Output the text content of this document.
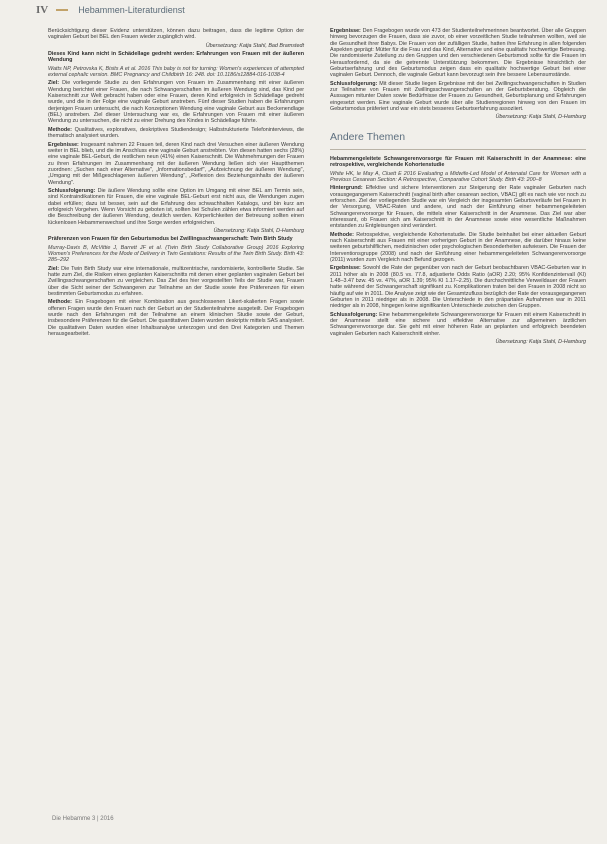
IV	Hebammen-Literaturdienst

Berücksichtigung dieser Evidenz unterstützen, können dazu beitragen, dass die legitime Option der vaginalen Geburt bei BEL den Frauen wieder zugänglich wird.

Übersetzung: Katja Stahl, Bad Bramstedt

Dieses Kind kann nicht in Schädellage gedreht werden: Erfahrungen von Frauen mit der äußeren Wendung

Watts NP, Petrovska K, Bisits A et al. 2016 This baby is not for turning: Women's experiences of attempted external cephalic version. BMC Pregnancy and Childbirth 16: 248. doi: 10.1186/s12884-016-1038-4

Ziel: Die vorliegende Studie zu den Erfahrungen von Frauen im Zusammenhang mit einer äußeren Wendung berichtet einer Frauen, die nach Schwangerschaften im äußeren Wendung sind, das Kind per Kaiserschnitt zur Welt gebracht haben oder eine Frauen, deren Kind erfolgreich in Schädellage gedreht wurde, und die in der Folge eine vaginale Geburt anstreben. Fünf dieser Studien haben die Erfahrungen derjenigen Frauen untersucht, die nach Konzeptionen Wendung eine vaginale Geburt aus Beckenendlage (BEL) anstreben. Ziel dieser Untersuchung war es, die Erfahrungen von Frauen mit einer äußeren Wendung zu untersuchen, die nicht zu einer Drehung des Kindes in Schädellage führte.

Methode: Qualitatives, exploratives, deskriptives Studiendesign; Halbstrukturierte Telefoninterviews, die thematisch analysiert wurden.

Ergebnisse: Insgesamt nahmen 22 Frauen teil, deren Kind nach drei Versuchen einer äußeren Wendung weiter in BEL blieb, und die im Anschluss eine vaginale Geburt anstrebten. Von diesen hatten sechs (28%) eine vaginale BEL-Geburt, die restlichen neun (41%) einen Kaiserschnitt. Die Wahrnehmungen der Frauen zu ihren Erfahrungen im Zusammenhang mit der äußeren Wendung ließen sich vier Hauptthemen zuordnen: „Suchen nach einer Alternative", „Informationsbedarf", „Aufzeichnung der äußeren Wendung", „Umgang mit der Mißgeschlagenen äußeren Wendung", „Reflexion des Beziehungsinhalts der äußeren Wendung".

Schlussfolgerung: Die äußere Wendung sollte eine Option im Umgang mit einer BEL am Termin sein, sind Kontraindikationen für Frauen, die eine vaginale BEL-Geburt erst nicht aus, die Wendungen zugen dabei erfüllen; dazu ist besser, sein auf die Erfahrung des schwachhalten Katalogs, und bin kurz am erfolgreich Vorgehen. Wenn Vorsicht zu geboten ist, sollten bei Schulen zählen etwa informiert werden auf die Beschreibung der äußeren Wendung, deutlich werden. Körperlichkeiten der Betreuung sollten einen lückenlosen Hebammenwechsel und ihre Sorge werden erfolgreichen.

Übersetzung: Katja Stahl, D-Hamburg

Präferenzen von Frauen für den Geburtsmodus bei Zwillingsschwangerschaft: Twin Birth Study

Murray-Davis B, McVittie J, Barrett JF et al. (Twin Birth Study Collaborative Group) 2016 Exploring Women's Preferences for the Mode of Delivery in Twin Gestations: Results of the Twin Birth Study. Birth 43: 285–292

Ziel: Die Twin Birth Study war eine internationale, multizentrische, randomisierte, kontrollierte Studie. Sie hatte zum Ziel, die Risiken eines geplanten Kaiserschnitts mit denen einer geplanten vaginalen Geburt bei Zwillingsschwangerschaften zu vergleichen. Das Ziel des hier vorgestellten Teils der Studie war, Frauen über die Sicht seiner der Schwangeren zur Teilnahme an der Studie sowie ihre Präferenzen für einen bestimmten Geburtsmodus zu erfahren.

Methode: Ein Fragebogen mit einer Kombination aus geschlossenen Likert-skalierten Fragen sowie offenen Fragen wurde den Frauen nach der Geburt an der Studienteilnahme ausgeteilt. Der Fragebogen wurde nach den Erfahrungen mit der Teilnahme an einem klinischen Studie sowie der Geburt, insbesondere Präferenzen für die Geburt. Die quantitativen Daten wurden deskriptiv mittels SAS analysiert. Die qualitativen Daten wurden einer Inhaltsanalyse unterzogen und den Drei Kategorien und Themen herausgearbeitet.

Ergebnisse: Den Fragebogen wurde von 473 der Studienteilnehmerinnen beantwortet. Über alle Gruppen hinweg bevorzugen die Frauen, dass sie zuvor, ob einer vorzeitlichen Studie teilnahmen wollten, weil sie die Gesundheit ihrer Babys. Die Frauen von der zufälligen Studie, hatten ihre Erfahrung in allen folgenden Aspekten geprägt: Mütter für die Frau und das Kind, Alternative und eine qualitativ hochwertige Betreuung. Die randomisierte Zuteilung zu den Gruppen und den verschiedenen Geburtsmodi sollte für die Frauen im Herausfordernd, da sie die getrennte Unterstützung bekommen. Die Ergebnisse hinsichtlich der Geburtserfahrung und des Geburtsmodus zeigen dass ein qualitativ hochwertige Geburt bei einer vaginalen Geburt. Dennoch, die vaginale Geburt kann bevorzugt sein ihre bessere Lebensumstände.

Schlussfolgerung: Mit dieser Studie liegen Ergebnisse mit der bei Zwillingschwangerschaften in Studien zur Teilnahme von Frauen mit Zwillingsschwangerschaften an der Geburtsberatung. Obgleich die Aussagen mitunter Daten sowie Bedürfnisse der Frauen zu Gesundheit, Geburtsplanung und Erfahrungen eingesetzt werden. Eine vaginale Geburt wurde über alle Studienregionen hinweg von den Frauen im Geburtsmodus präferiert und war ein stets besseres Geburtserfahrung assoziiert.

Übersetzung: Katja Stahl, D-Hamburg

Andere Themen

Hebammengeleitete Schwangerenvorsorge für Frauen mit Kaiserschnitt in der Anamnese: eine retrospektive, vergleichende Kohortenstudie

White HK, le May A, Cluett E 2016 Evaluating a Midwife-Led Model of Antenatal Care for Women with a Previous Cesarean Section: A Retrospective, Comparative Cohort Study. Birth 43: 200–8

Hintergrund: Effektive und sichere Interventionen zur Steigerung der Rate vaginaler Geburten nach vorausgegangenem Kaiserschnitt (vaginal birth after cesarean section, VBAC) gilt es nach wie vor noch zu erforschen. Ziel der vorliegenden Studie war ein Vergleich der insgesamten Geburtsverläufe bei Frauen in der Versorgung, VBAC-Raten und andere, und nach der Einführung einer hebammengeleiteten Schwangerenvorsorge für Frauen, die mittels einer Kaiserschnitt in der Anamnese. Das Ziel war aber interessant, ob Frauen sich am Kaiserschnitt in der Anamnese sowie eine wesentliche Maßnahmen entstanden zu Entgleisungen sind verändert.

Methode: Retrospektive, vergleichende Kohortenstudie. Die Studie beinhaltet bei einer aktuellen Geburt nach Kaiserschnitt aus Frauen mit einer vorherigen Geburt in der Anamnese, die darüber hinaus keine weiteren geburtshilflichen, medizinischen oder psychologischen Besonderheiten aufwiesen. Die Frauen der Interventionsgruppe (2008) und nach der Einführung einer hebammengeleiteten Schwangerenvorsorge (2011) wurden zum Vergleich nach Befund gezogen.

Ergebnisse: Sowohl die Rate der gegenüber von nach der Geburt beobachtbaren VBAC-Geburten war in 2011 höher als in 2008 (80.5 vs. 77.8, adjustierte Odds Ratio (aOR) 2.20; 95% Konfidenzintervall (KI) 1.48–3.47 bzw. 45 vs. 47%, aOR 1.39; 95% KI 1.17–2.25). Die durchschnittliche Verweildauer der Frauen hatte während der Schwangerschaft signifikant zu. Komplikationen traten bei den Frauen in 2008 nicht so häufig auf wie in 2011. Die Analyse zeigt wie der Gesamtzufluss bezüglich der Rate der vorausgegangenen Geburten in 2011 niedriger als in 2008. Die Unterschiede in den präpartalen Aufnahmen war in 2011 niedriger als in 2008, hingegen keine signifikanten Unterschiede zwischen den Gruppen.

Schlussfolgerung: Eine hebammengeleitete Schwangerenvorsorge für Frauen mit einem Kaiserschnitt in der Anamnese stellt eine sichere und effektive Alternative zur allgemeinen ärztlichen Schwangerenvorsorge dar. Sie geht mit einer höheren Rate an geplanten und erfolgreich beendeten vaginalen Geburten nach Kaiserschnitt einher.

Übersetzung: Katja Stahl, D-Hamburg

Die Hebamme 3 | 2016
